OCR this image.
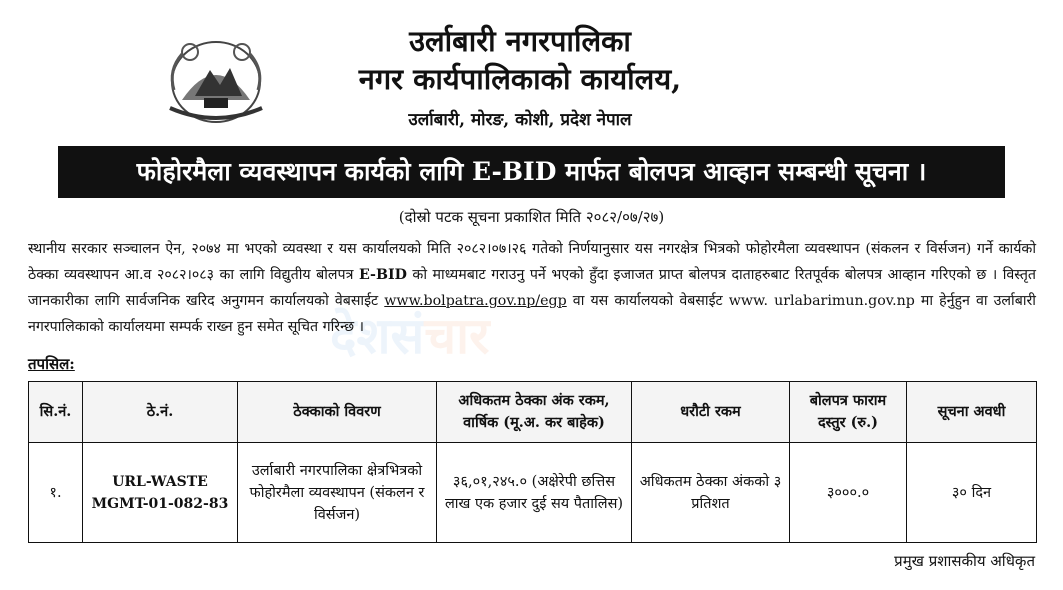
उर्लाबारी नगरपालिका
नगर कार्यपालिकाको कार्यालय,
उर्लाबारी, मोरङ, कोशी, प्रदेश नेपाल
फोहोरमैला व्यवस्थापन कार्यको लागि E-BID मार्फत बोलपत्र आव्हान सम्बन्धी सूचना ।
(दोस्रो पटक सूचना प्रकाशित मिति २०८२/०७/२७)
देशसंचार
स्थानीय सरकार सञ्चालन ऐन, २०७४ मा भएको व्यवस्था र यस कार्यालयको मिति २०८२।०७।२६ गतेको निर्णयानुसार यस नगरक्षेत्र भित्रको फोहोरमैला व्यवस्थापन (संकलन र विर्सजन) गर्ने कार्यको ठेक्का व्यवस्थापन आ.व २०८२।०८३ का लागि विद्युतीय बोलपत्र E-BID को माध्यमबाट गराउनु पर्ने भएको हुँदा इजाजत प्राप्त बोलपत्र दाताहरुबाट रितपूर्वक बोलपत्र आव्हान गरिएको छ । विस्तृत जानकारीका लागि सार्वजनिक खरिद अनुगमन कार्यालयको वेबसाईट www.bolpatra.gov.np/egp वा यस कार्यालयको वेबसाईट www. urlabarimun.gov.np मा हेर्नुहुन वा उर्लाबारी नगरपालिकाको कार्यालयमा सम्पर्क राख्न हुन समेत सूचित गरिन्छ ।
तपसिल:
सि.नं.	ठे.नं.	ठेक्काको विवरण	अधिकतम ठेक्का अंक रकम, वार्षिक (मू.अ. कर बाहेक)	धरौटी रकम	बोलपत्र फाराम दस्तुर (रु.)	सूचना अवधी
१.	URL-WASTE MGMT-01-082-83	उर्लाबारी नगरपालिका क्षेत्रभित्रको फोहोरमैला व्यवस्थापन (संकलन र विर्सजन)	३६,०१,२४५.० (अक्षेरेपी छत्तिस लाख एक हजार दुई सय पैतालिस)	अधिकतम ठेक्का अंकको ३ प्रतिशत	३०००.०	३० दिन
प्रमुख प्रशासकीय अधिकृत
